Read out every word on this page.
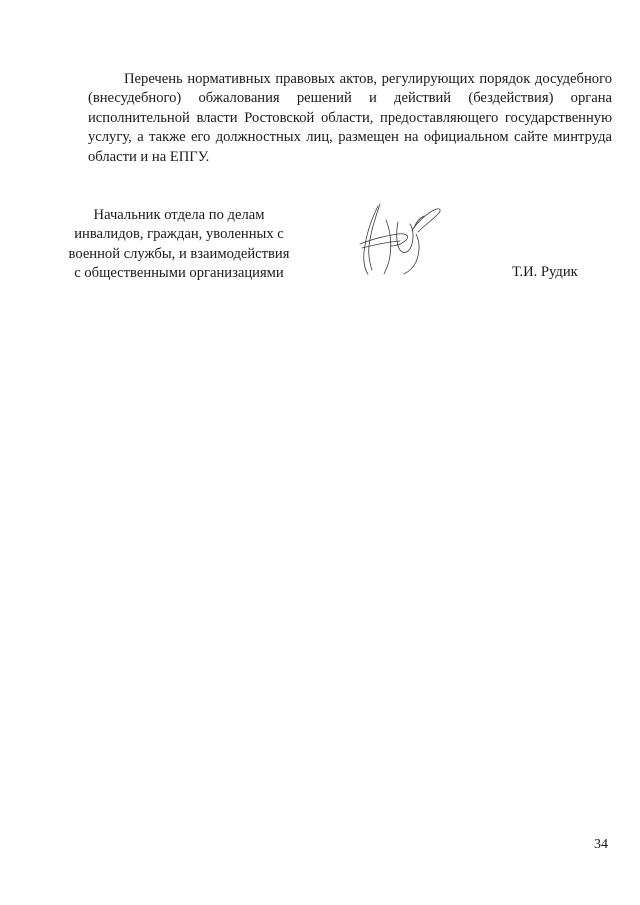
Перечень нормативных правовых актов, регулирующих порядок досудебного
(внесудебного) обжалования решений и действий (бездействия) органа
исполнительной власти Ростовской области, предоставляющего государственную
услугу, а также его должностных лиц, размещен на официальном сайте минтруда
области и на ЕПГУ.

Начальник отдела по делам
инвалидов, граждан, уволенных с
военной службы, и взаимодействия
с общественными организациями	Т.И. Рудик
34
